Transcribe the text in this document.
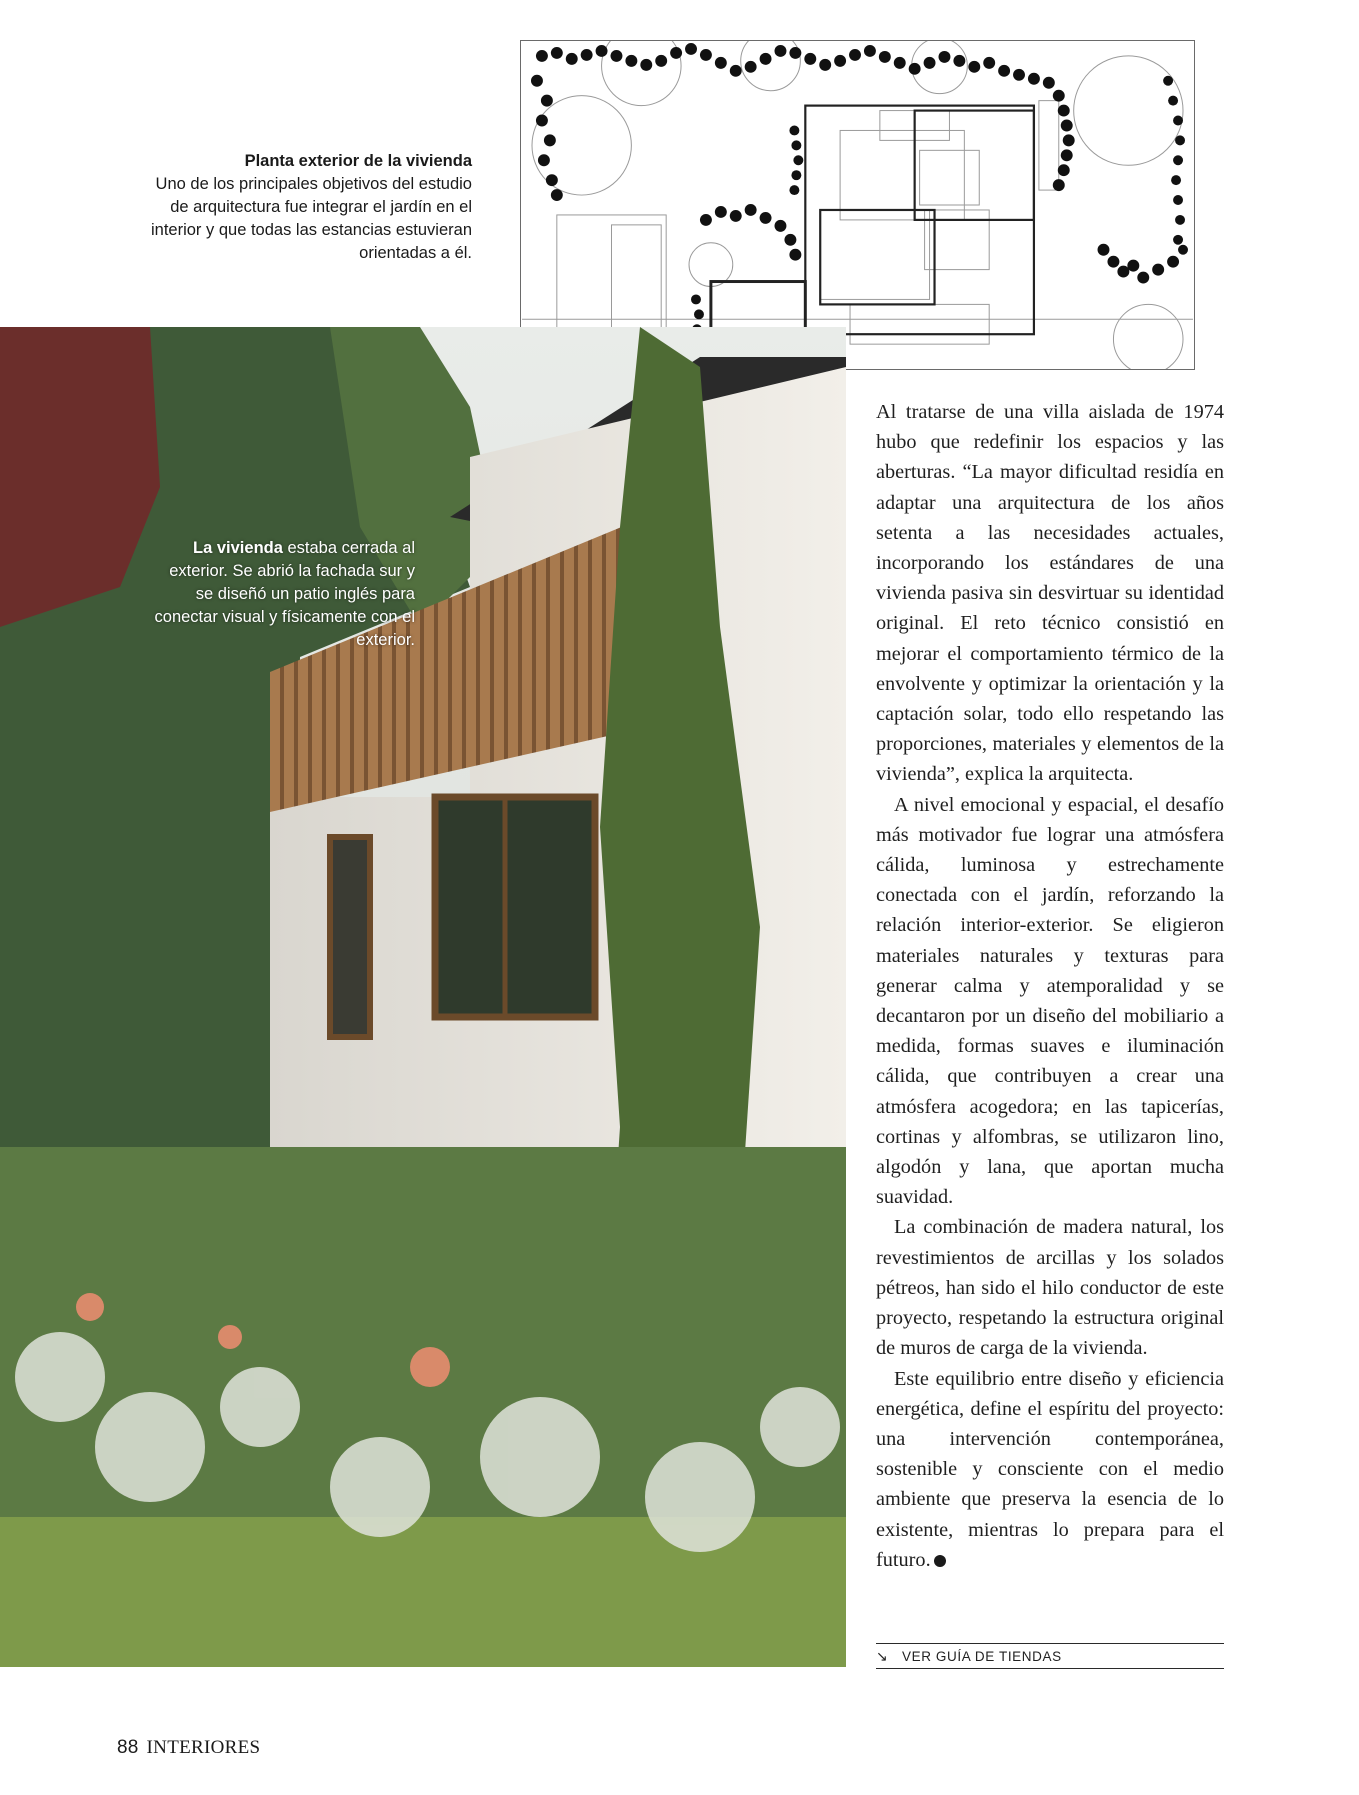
Planta exterior de la vivienda
Uno de los principales objetivos del estudio de arquitectura fue integrar el jardín en el interior y que todas las estancias estuvieran orientadas a él.
La vivienda estaba cerrada al exterior. Se abrió la fachada sur y se diseñó un patio inglés para conectar visual y físicamente con el exterior.

Al tratarse de una villa aislada de 1974 hubo que redefinir los espacios y las aberturas. “La mayor dificultad residía en adaptar una arquitectura de los años setenta a las necesidades actuales, incorporando los estándares de una vivienda pasiva sin desvirtuar su identidad original. El reto técnico consistió en mejorar el comportamiento térmico de la envolvente y optimizar la orientación y la captación solar, todo ello respetando las proporciones, materiales y elementos de la vivienda”, explica la arquitecta.

A nivel emocional y espacial, el desafío más motivador fue lograr una atmósfera cálida, luminosa y estrechamente conectada con el jardín, reforzando la relación interior-exterior. Se eligieron materiales naturales y texturas para generar calma y atemporalidad y se decantaron por un diseño del mobiliario a medida, formas suaves e iluminación cálida, que contribuyen a crear una atmósfera acogedora; en las tapicerías, cortinas y alfombras, se utilizaron lino, algodón y lana, que aportan mucha suavidad.

La combinación de madera natural, los revestimientos de arcillas y los solados pétreos, han sido el hilo conductor de este proyecto, respetando la estructura original de muros de carga de la vivienda.

Este equilibrio entre diseño y eficiencia energética, define el espíritu del proyecto: una intervención contemporánea, sostenible y consciente con el medio ambiente que preserva la esencia de lo existente, mientras lo prepara para el futuro.

↘ VER GUÍA DE TIENDAS
88 INTERIORES
